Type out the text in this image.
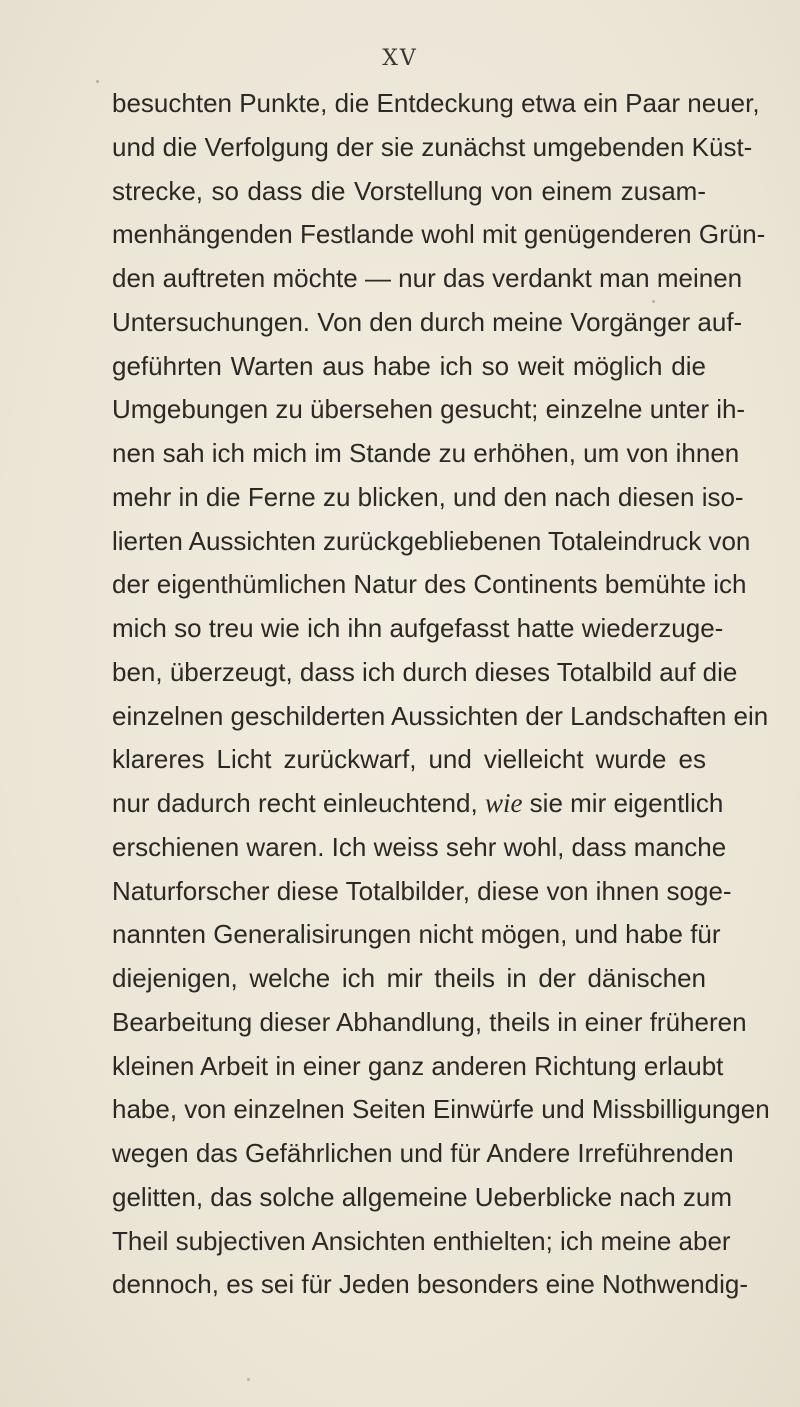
XV
besuchten Punkte, die Entdeckung etwa ein Paar neuer,
und die Verfolgung der sie zunächst umgebenden Küst-
strecke, so dass die Vorstellung von einem zusam-
menhängenden Festlande wohl mit genügenderen Grün-
den auftreten möchte — nur das verdankt man meinen
Untersuchungen. Von den durch meine Vorgänger auf-
geführten Warten aus habe ich so weit möglich die
Umgebungen zu übersehen gesucht; einzelne unter ih-
nen sah ich mich im Stande zu erhöhen, um von ihnen
mehr in die Ferne zu blicken, und den nach diesen iso-
lierten Aussichten zurückgebliebenen Totaleindruck von
der eigenthümlichen Natur des Continents bemühte ich
mich so treu wie ich ihn aufgefasst hatte wiederzuge-
ben, überzeugt, dass ich durch dieses Totalbild auf die
einzelnen geschilderten Aussichten der Landschaften ein
klareres Licht zurückwarf, und vielleicht wurde es
nur dadurch recht einleuchtend, wie sie mir eigentlich
erschienen waren. Ich weiss sehr wohl, dass manche
Naturforscher diese Totalbilder, diese von ihnen soge-
nannten Generalisirungen nicht mögen, und habe für
diejenigen, welche ich mir theils in der dänischen
Bearbeitung dieser Abhandlung, theils in einer früheren
kleinen Arbeit in einer ganz anderen Richtung erlaubt
habe, von einzelnen Seiten Einwürfe und Missbilligungen
wegen das Gefährlichen und für Andere Irreführenden
gelitten, das solche allgemeine Ueberblicke nach zum
Theil subjectiven Ansichten enthielten; ich meine aber
dennoch, es sei für Jeden besonders eine Nothwendig-
